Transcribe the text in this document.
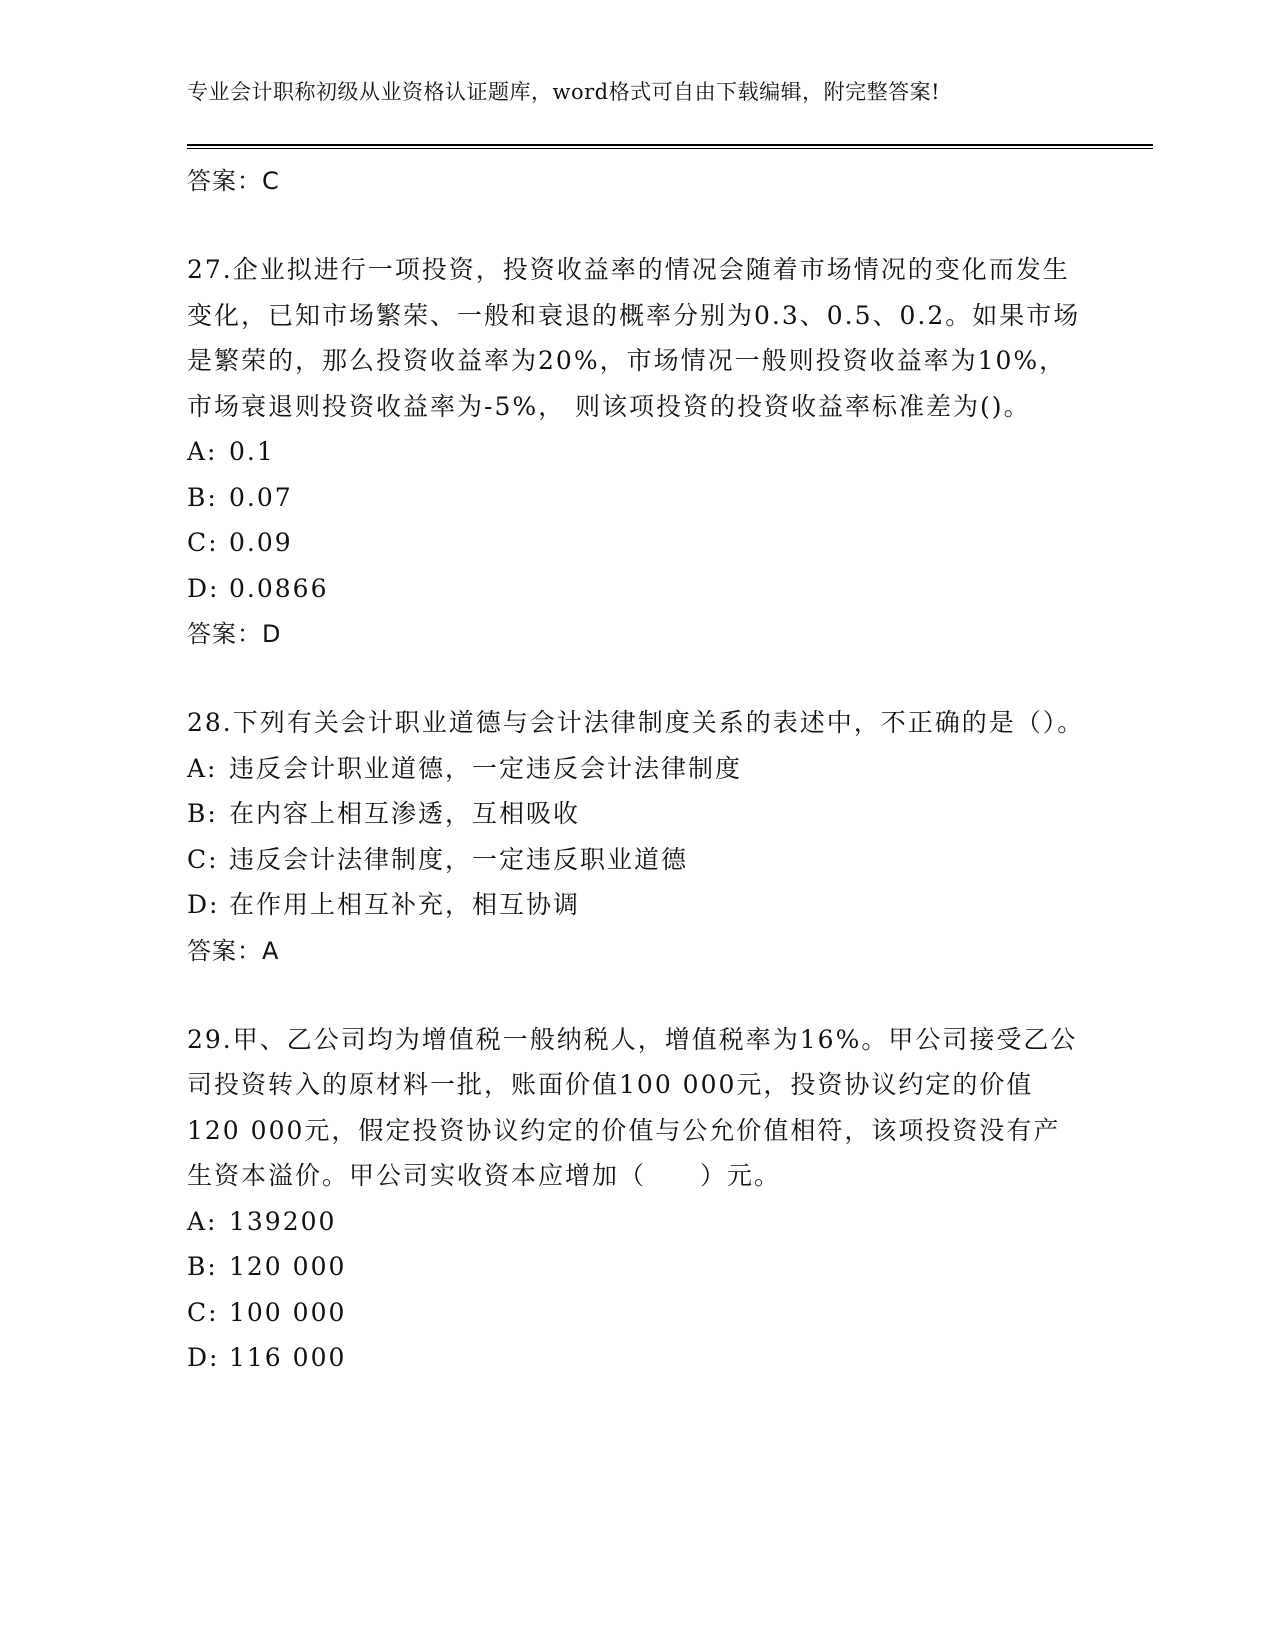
专业会计职称初级从业资格认证题库，word格式可自由下载编辑，附完整答案!
答案：C
27.企业拟进行一项投资，投资收益率的情况会随着市场情况的变化而发生变化，已知市场繁荣、一般和衰退的概率分别为0.3、0.5、0.2。如果市场是繁荣的，那么投资收益率为20%，市场情况一般则投资收益率为10%，市场衰退则投资收益率为-5%， 则该项投资的投资收益率标准差为()。
A: 0.1
B: 0.07
C: 0.09
D: 0.0866
答案：D
28.下列有关会计职业道德与会计法律制度关系的表述中，不正确的是（）。
A: 违反会计职业道德，一定违反会计法律制度
B: 在内容上相互渗透，互相吸收
C: 违反会计法律制度，一定违反职业道德
D: 在作用上相互补充，相互协调
答案：A
29.甲、乙公司均为增值税一般纳税人，增值税率为16%。甲公司接受乙公司投资转入的原材料一批，账面价值100 000元，投资协议约定的价值120 000元，假定投资协议约定的价值与公允价值相符，该项投资没有产生资本溢价。甲公司实收资本应增加（　　）元。
A: 139200
B: 120 000
C: 100 000
D: 116 000
